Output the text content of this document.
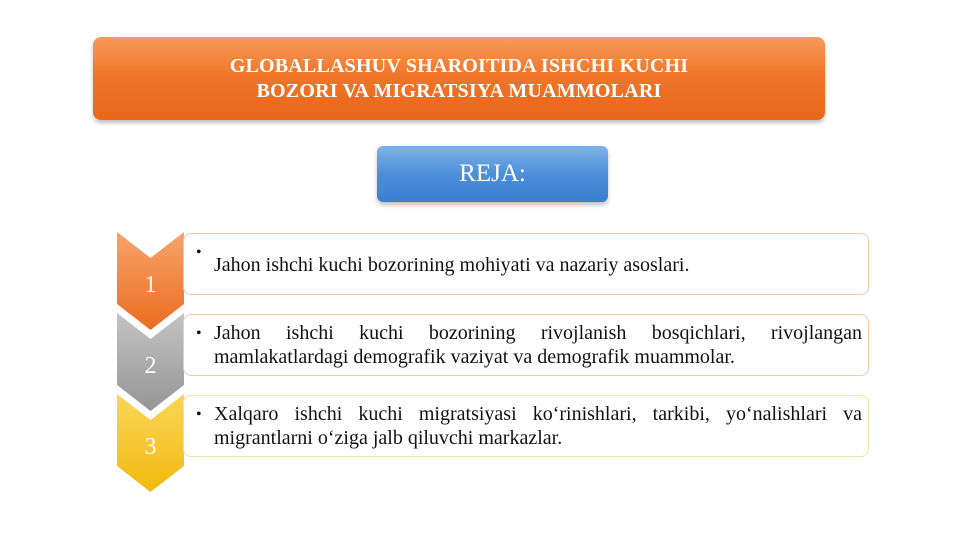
GLOBALLASHUV SHAROITIDA ISHCHI KUCHI
BOZORI VA MIGRATSIYA MUAMMOLARI
REJA:
1
•
Jahon ishchi kuchi bozorining mohiyati va nazariy asoslari.
2
• Jahon ishchi kuchi bozorining rivojlanish bosqichlari, rivojlangan mamlakatlardagi demografik vaziyat va demografik muammolar.
3
• Xalqaro ishchi kuchi migratsiyasi ko‘rinishlari, tarkibi, yo‘nalishlari va migrantlarni o‘ziga jalb qiluvchi markazlar.
